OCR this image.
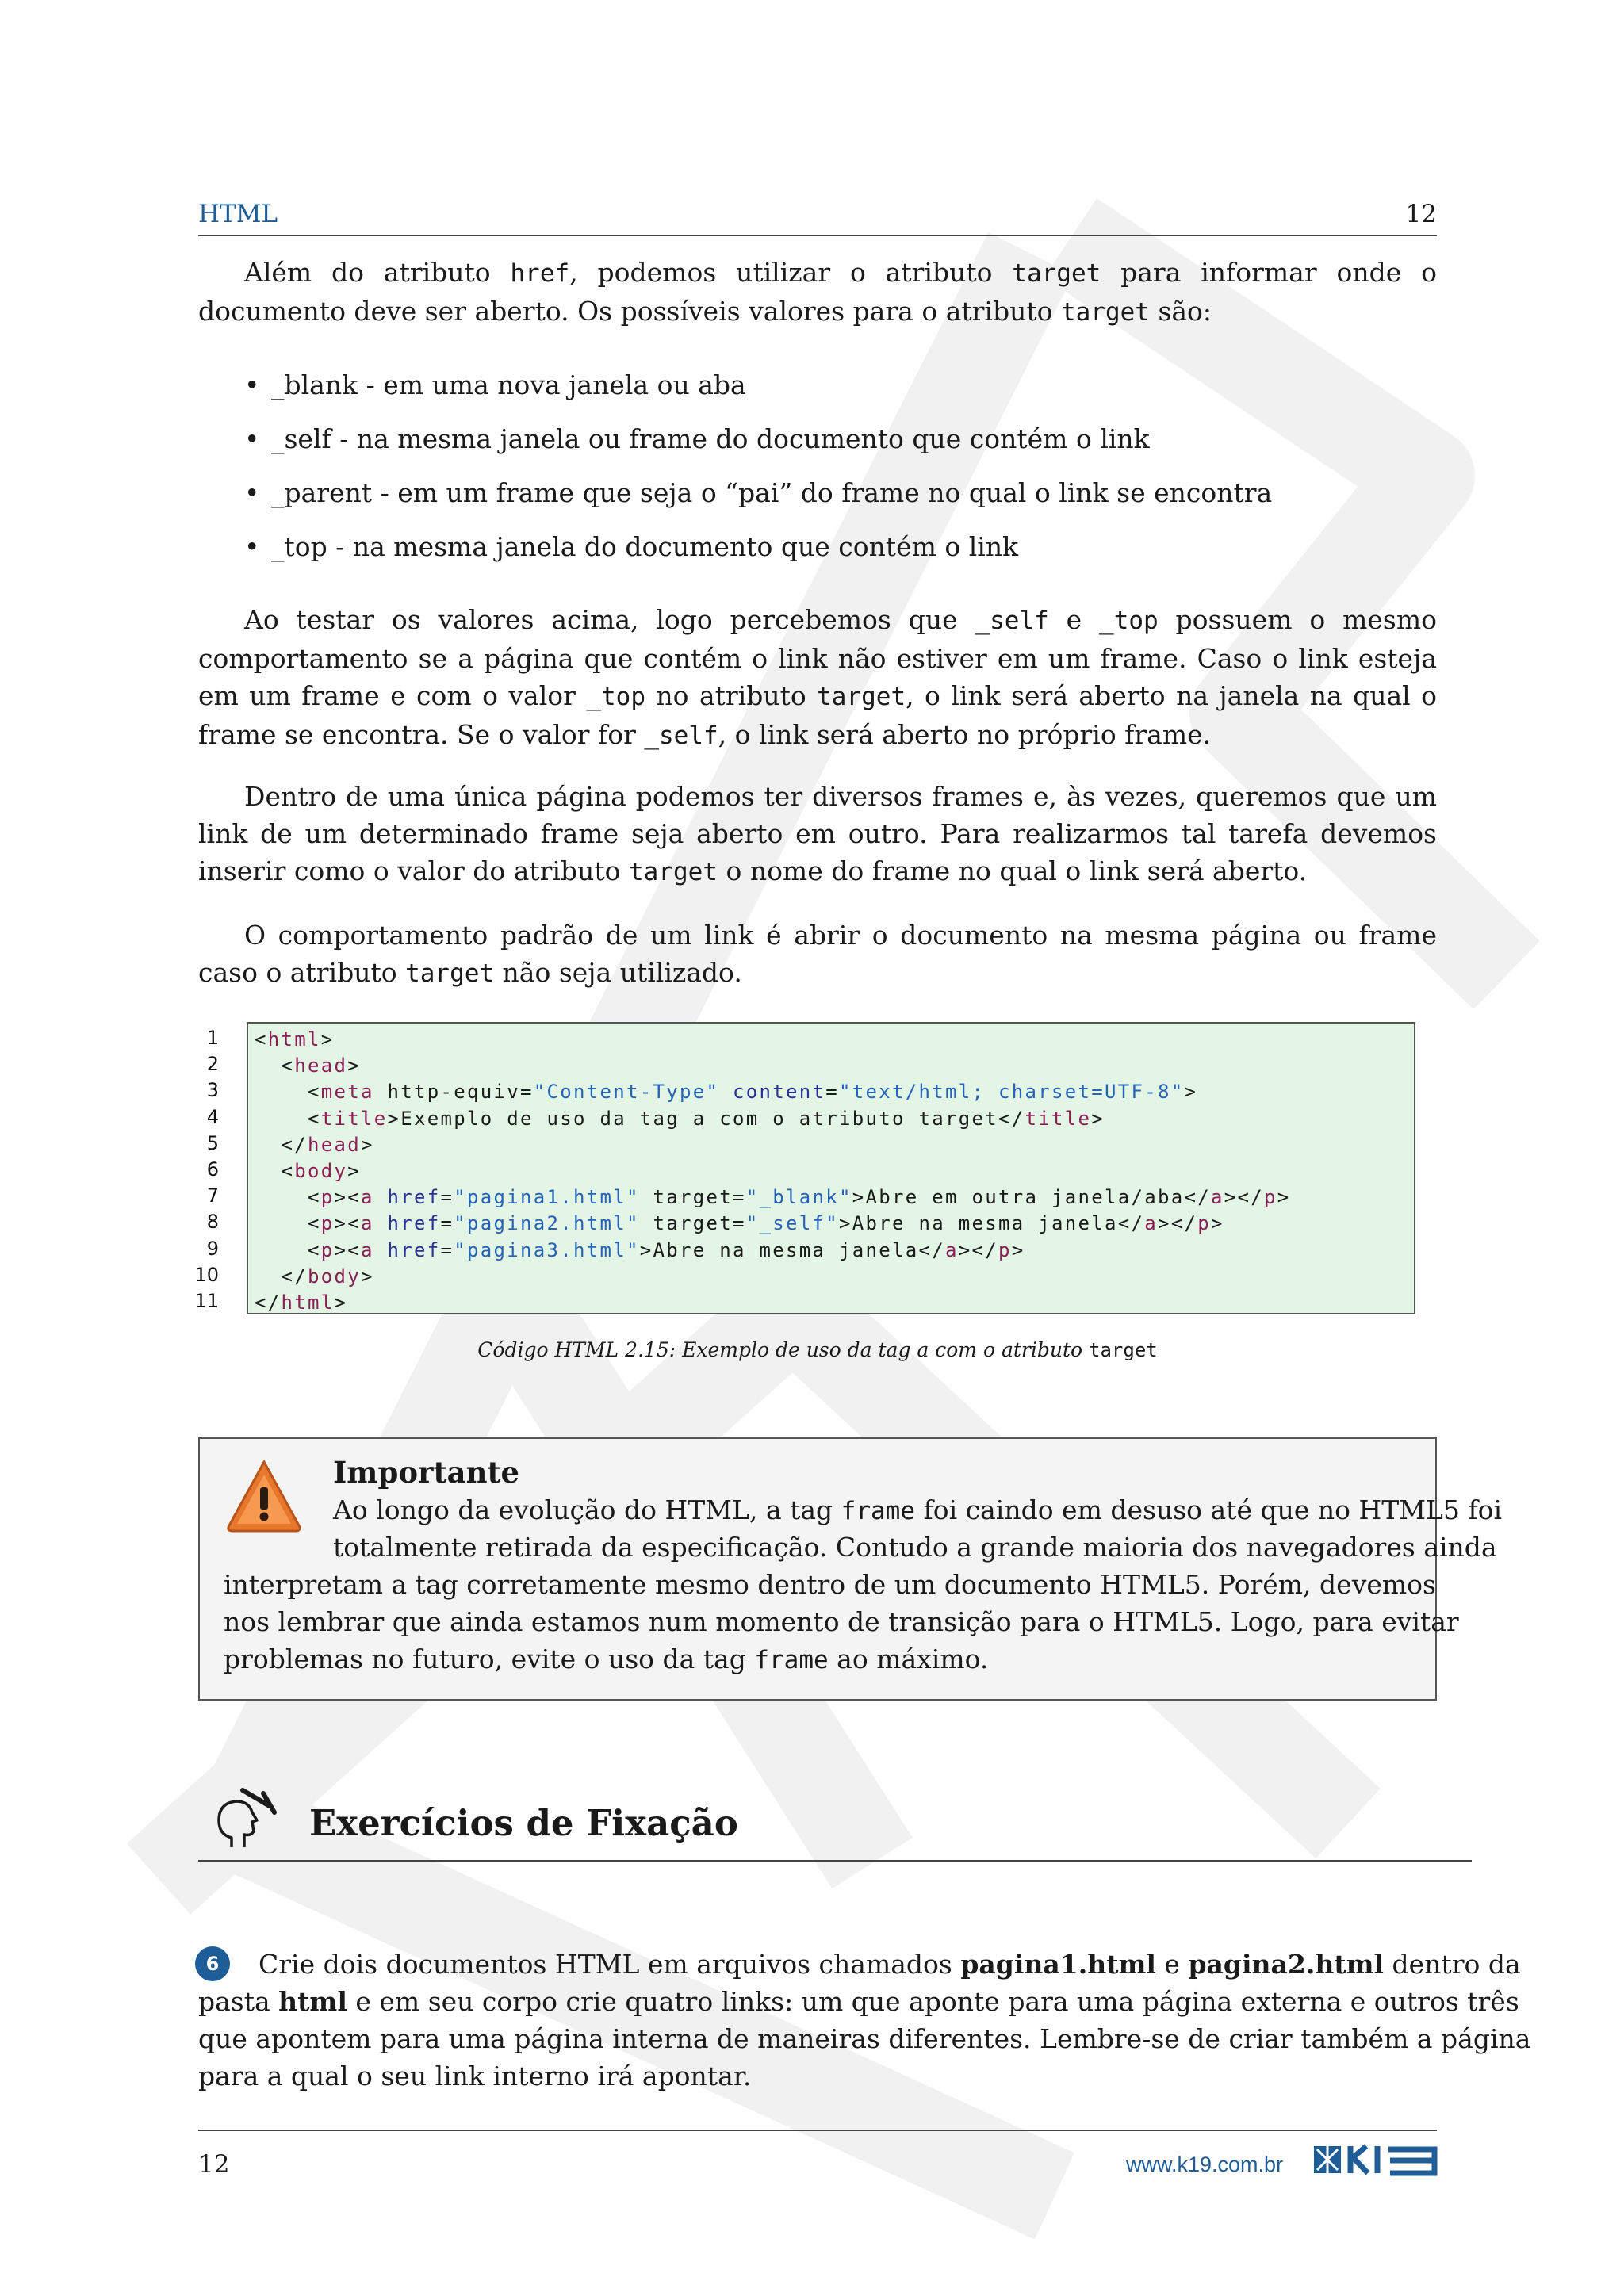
HTML	12
Além do atributo href, podemos utilizar o atributo target para informar onde o documento deve ser aberto. Os possíveis valores para o atributo target são:
• _blank - em uma nova janela ou aba
• _self - na mesma janela ou frame do documento que contém o link
• _parent - em um frame que seja o “pai” do frame no qual o link se encontra
• _top - na mesma janela do documento que contém o link
Ao testar os valores acima, logo percebemos que _self e _top possuem o mesmo comportamento se a página que contém o link não estiver em um frame. Caso o link esteja em um frame e com o valor _top no atributo target, o link será aberto na janela na qual o frame se encontra. Se o valor for _self, o link será aberto no próprio frame.
Dentro de uma única página podemos ter diversos frames e, às vezes, queremos que um link de um determinado frame seja aberto em outro. Para realizarmos tal tarefa devemos inserir como o valor do atributo target o nome do frame no qual o link será aberto.
O comportamento padrão de um link é abrir o documento na mesma página ou frame caso o atributo target não seja utilizado.
1
2
3
4
5
6
7
8
9
10
11
<html>
<head>
<meta http-equiv="Content-Type" content="text/html; charset=UTF-8">
<title>Exemplo de uso da tag a com o atributo target</title>
</head>
<body>
<p><a href="pagina1.html" target="_blank">Abre em outra janela/aba</a></p>
<p><a href="pagina2.html" target="_self">Abre na mesma janela</a></p>
<p><a href="pagina3.html">Abre na mesma janela</a></p>
</body>
</html>
Código HTML 2.15: Exemplo de uso da tag a com o atributo target
Importante
Ao longo da evolução do HTML, a tag frame foi caindo em desuso até que no HTML5 foi
totalmente retirada da especificação. Contudo a grande maioria dos navegadores ainda
interpretam a tag corretamente mesmo dentro de um documento HTML5. Porém, devemos
nos lembrar que ainda estamos num momento de transição para o HTML5. Logo, para evitar
problemas no futuro, evite o uso da tag frame ao máximo.
Exercícios de Fixação
6	Crie dois documentos HTML em arquivos chamados pagina1.html e pagina2.html dentro da
pasta html e em seu corpo crie quatro links: um que aponte para uma página externa e outros três
que apontem para uma página interna de maneiras diferentes. Lembre-se de criar também a página
para a qual o seu link interno irá apontar.
12	www.k19.com.br
